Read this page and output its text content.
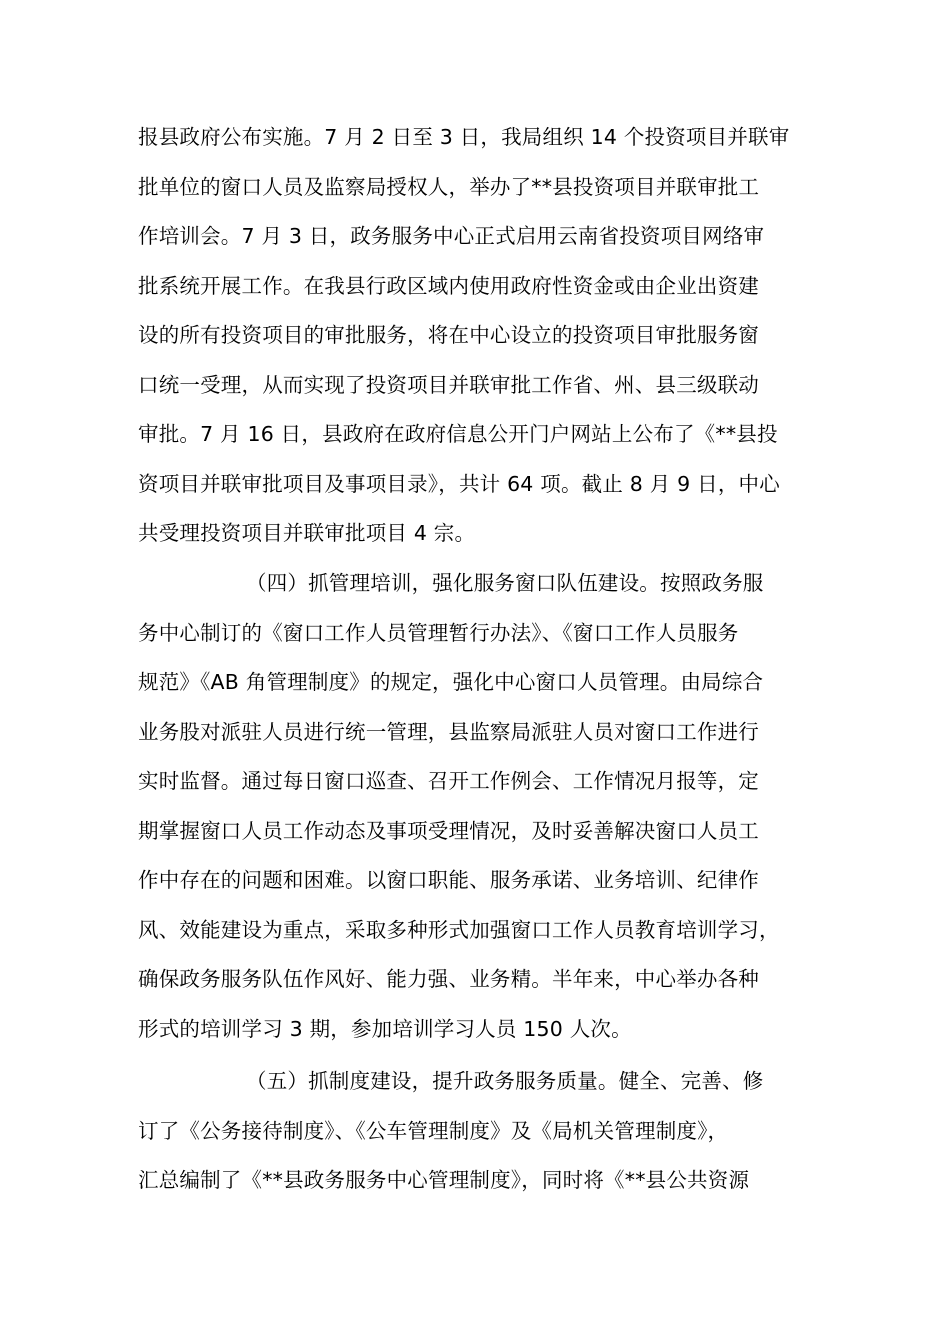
报县政府公布实施。7 月 2 日至 3 日，我局组织 14 个投资项目并联审
批单位的窗口人员及监察局授权人，举办了**县投资项目并联审批工
作培训会。7 月 3 日，政务服务中心正式启用云南省投资项目网络审
批系统开展工作。在我县行政区域内使用政府性资金或由企业出资建
设的所有投资项目的审批服务，将在中心设立的投资项目审批服务窗
口统一受理，从而实现了投资项目并联审批工作省、州、县三级联动
审批。7 月 16 日，县政府在政府信息公开门户网站上公布了《**县投
资项目并联审批项目及事项目录》，共计 64 项。截止 8 月 9 日，中心
共受理投资项目并联审批项目 4 宗。
（四）抓管理培训，强化服务窗口队伍建设。按照政务服
务中心制订的《窗口工作人员管理暂行办法》、《窗口工作人员服务
规范》《AB 角管理制度》的规定，强化中心窗口人员管理。由局综合
业务股对派驻人员进行统一管理，县监察局派驻人员对窗口工作进行
实时监督。通过每日窗口巡查、召开工作例会、工作情况月报等，定
期掌握窗口人员工作动态及事项受理情况，及时妥善解决窗口人员工
作中存在的问题和困难。以窗口职能、服务承诺、业务培训、纪律作
风、效能建设为重点，采取多种形式加强窗口工作人员教育培训学习，
确保政务服务队伍作风好、能力强、业务精。半年来，中心举办各种
形式的培训学习 3 期，参加培训学习人员 150 人次。
（五）抓制度建设，提升政务服务质量。健全、完善、修
订了《公务接待制度》、《公车管理制度》及《局机关管理制度》，
汇总编制了《**县政务服务中心管理制度》，同时将《**县公共资源
